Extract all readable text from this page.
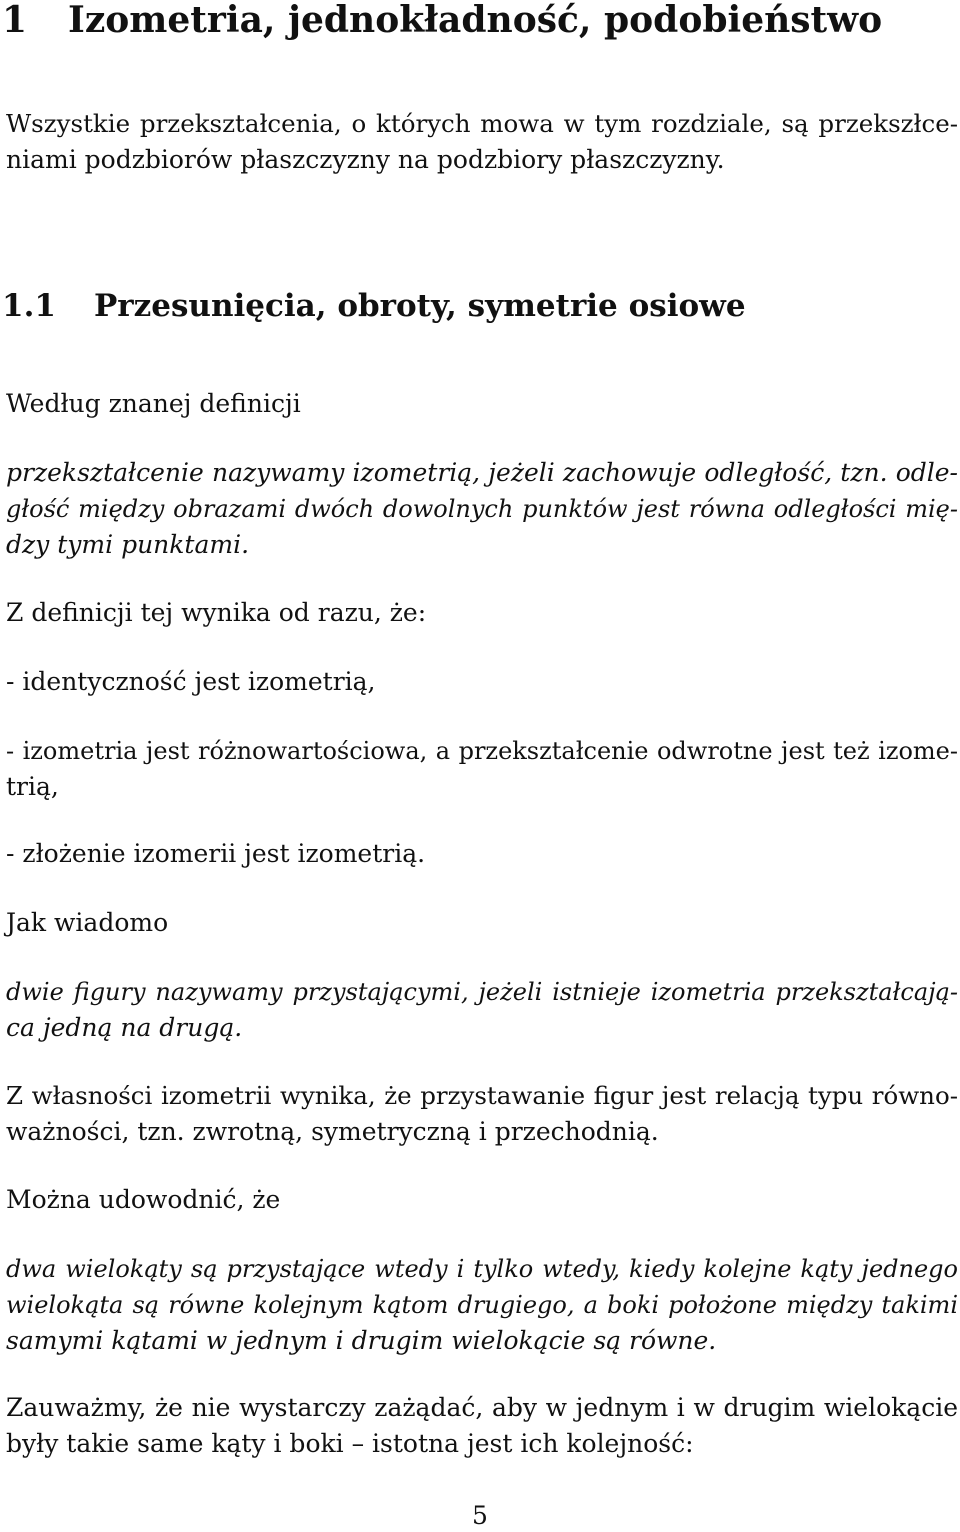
1 Izometria, jednokładność, podobieństwo

Wszystkie przekształcenia, o których mowa w tym rozdziale, są przekszłce-
niami podzbiorów płaszczyzny na podzbiory płaszczyzny.

1.1 Przesunięcia, obroty, symetrie osiowe

Według znanej definicji

przekształcenie nazywamy izometrią, jeżeli zachowuje odległość, tzn. odle-
głość między obrazami dwóch dowolnych punktów jest równa odległości mię-
dzy tymi punktami.

Z definicji tej wynika od razu, że:

- identyczność jest izometrią,

- izometria jest różnowartościowa, a przekształcenie odwrotne jest też izome-
trią,

- złożenie izomerii jest izometrią.

Jak wiadomo

dwie figury nazywamy przystającymi, jeżeli istnieje izometria przekształcają-
ca jedną na drugą.

Z własności izometrii wynika, że przystawanie figur jest relacją typu równo-
ważności, tzn. zwrotną, symetryczną i przechodnią.

Można udowodnić, że

dwa wielokąty są przystające wtedy i tylko wtedy, kiedy kolejne kąty jednego
wielokąta są równe kolejnym kątom drugiego, a boki położone między takimi
samymi kątami w jednym i drugim wielokącie są równe.

Zauważmy, że nie wystarczy zażądać, aby w jednym i w drugim wielokącie
były takie same kąty i boki – istotna jest ich kolejność:

5
